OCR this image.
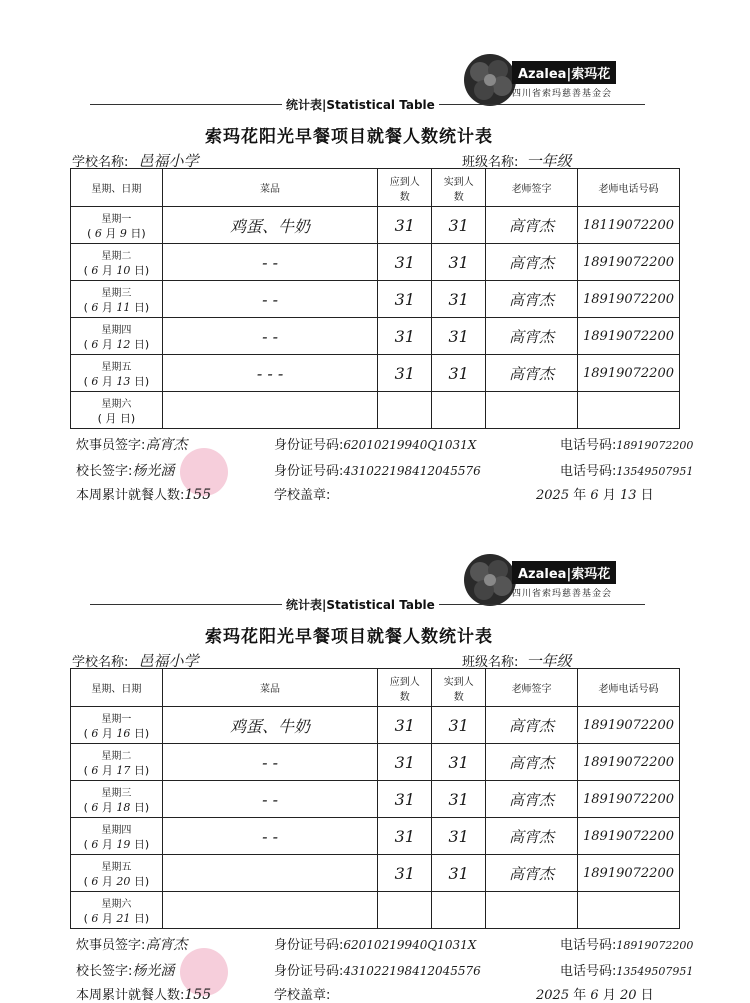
Azalea|索玛花
四川省索玛慈善基金会
统计表|Statistical Table
索玛花阳光早餐项目就餐人数统计表
学校名称: 邑福小学	班级名称: 一年级
星期、日期	菜品	应到人数	实到人数	老师签字	老师电话号码

星期一
( 6 月 9 日)	鸡蛋、牛奶	31	31	高宵杰	18119072200

星期二
( 6 月 10 日)	- -	31	31	高宵杰	18919072200

星期三
( 6 月 11 日)	- -	31	31	高宵杰	18919072200

星期四
( 6 月 12 日)	- -	31	31	高宵杰	18919072200

星期五
( 6 月 13 日)	- - -	31	31	高宵杰	18919072200

星期六
( 月 日)					

炊事员签字:高宵杰	身份证号码:62010219940Q1031X	电话号码:18919072200
校长签字:杨光涵	身份证号码:431022198412045576	电话号码:13549507951
本周累计就餐人数:155	学校盖章:	2025 年 6 月 13 日
Azalea|索玛花
四川省索玛慈善基金会
统计表|Statistical Table
索玛花阳光早餐项目就餐人数统计表
学校名称: 邑福小学	班级名称: 一年级
星期、日期	菜品	应到人数	实到人数	老师签字	老师电话号码

星期一
( 6 月 16 日)	鸡蛋、牛奶	31	31	高宵杰	18919072200

星期二
( 6 月 17 日)	- -	31	31	高宵杰	18919072200

星期三
( 6 月 18 日)	- -	31	31	高宵杰	18919072200

星期四
( 6 月 19 日)	- -	31	31	高宵杰	18919072200

星期五
( 6 月 20 日)		31	31	高宵杰	18919072200

星期六
( 6 月 21 日)					

炊事员签字:高宵杰	身份证号码:62010219940Q1031X	电话号码:18919072200
校长签字:杨光涵	身份证号码:431022198412045576	电话号码:13549507951
本周累计就餐人数:155	学校盖章:	2025 年 6 月 20 日
